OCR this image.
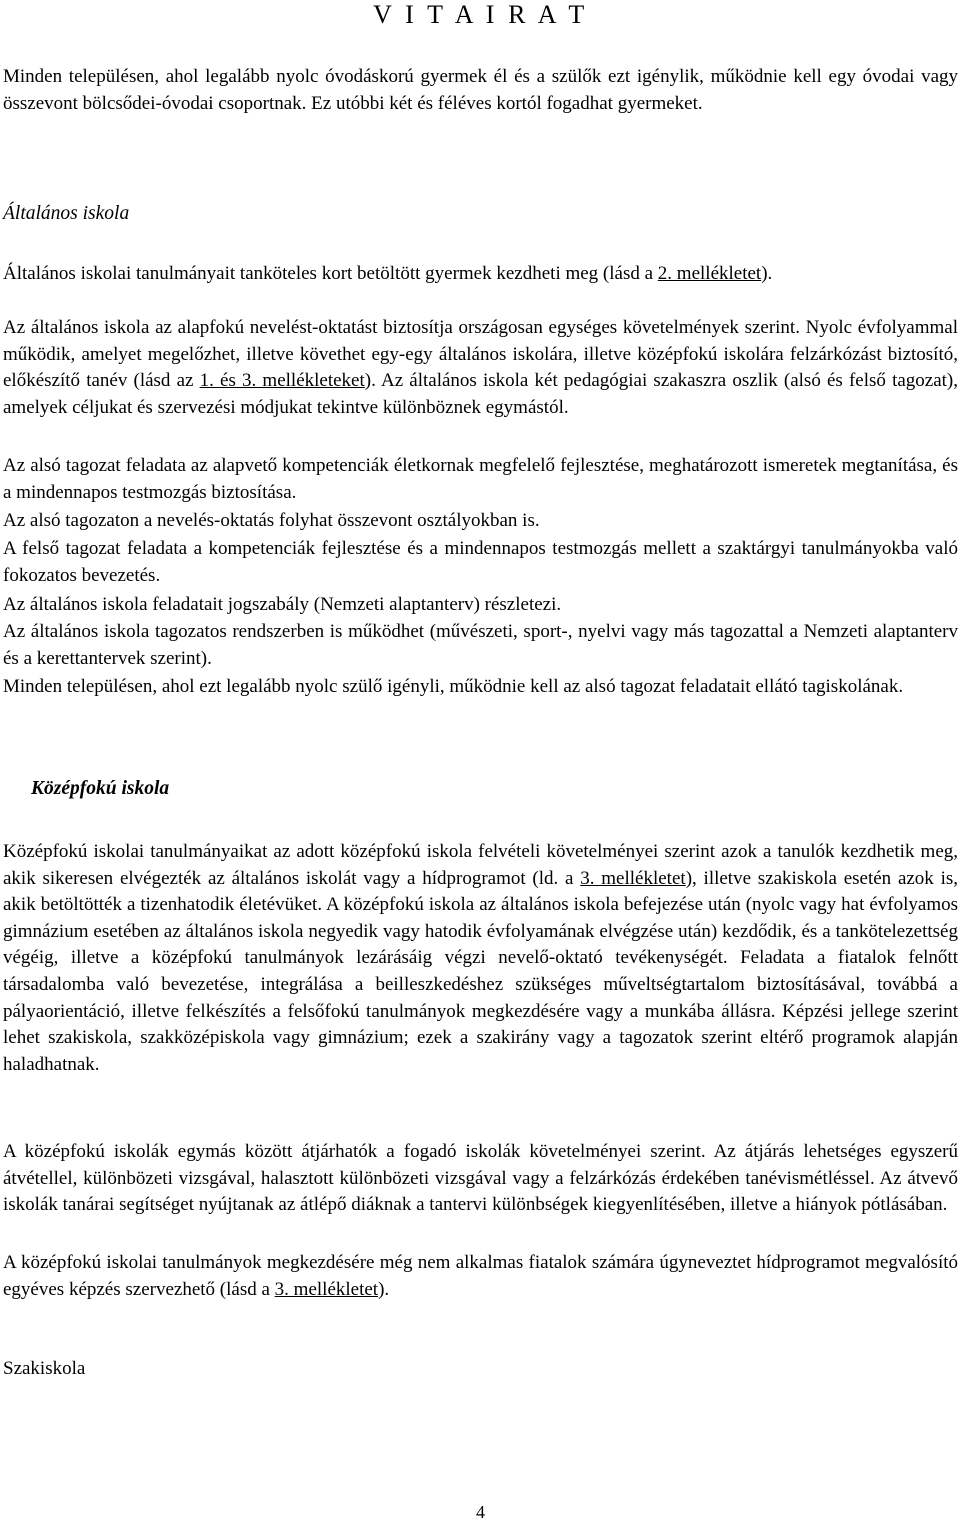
V I T A I R A T
Minden településen, ahol legalább nyolc óvodáskorú gyermek él és a szülők ezt igénylik, működnie kell egy óvodai vagy összevont bölcsődei-óvodai csoportnak. Ez utóbbi két és féléves kortól fogadhat gyermeket.
Általános iskola
Általános iskolai tanulmányait tanköteles kort betöltött gyermek kezdheti meg (lásd a 2. mellékletet).
Az általános iskola az alapfokú nevelést-oktatást biztosítja országosan egységes követelmények szerint. Nyolc évfolyammal működik, amelyet megelőzhet, illetve követhet egy-egy általános iskolára, illetve középfokú iskolára felzárkózást biztosító, előkészítő tanév (lásd az 1. és 3. mellékleteket). Az általános iskola két pedagógiai szakaszra oszlik (alsó és felső tagozat), amelyek céljukat és szervezési módjukat tekintve különböznek egymástól.
Az alsó tagozat feladata az alapvető kompetenciák életkornak megfelelő fejlesztése, meghatározott ismeretek megtanítása, és a mindennapos testmozgás biztosítása.
Az alsó tagozaton a nevelés-oktatás folyhat összevont osztályokban is.
A felső tagozat feladata a kompetenciák fejlesztése és a mindennapos testmozgás mellett a szaktárgyi tanulmányokba való fokozatos bevezetés.
Az általános iskola feladatait jogszabály (Nemzeti alaptanterv) részletezi.
Az általános iskola tagozatos rendszerben is működhet (művészeti, sport-, nyelvi vagy más tagozattal a Nemzeti alaptanterv és a kerettantervek szerint).
Minden településen, ahol ezt legalább nyolc szülő igényli, működnie kell az alsó tagozat feladatait ellátó tagiskolának.
Középfokú iskola
Középfokú iskolai tanulmányaikat az adott középfokú iskola felvételi követelményei szerint azok a tanulók kezdhetik meg, akik sikeresen elvégezték az általános iskolát vagy a hídprogramot (ld. a 3. mellékletet), illetve szakiskola esetén azok is, akik betöltötték a tizenhatodik életévüket. A középfokú iskola az általános iskola befejezése után (nyolc vagy hat évfolyamos gimnázium esetében az általános iskola negyedik vagy hatodik évfolyamának elvégzése után) kezdődik, és a tankötelezettség végéig, illetve a középfokú tanulmányok lezárásáig végzi nevelő-oktató tevékenységét. Feladata a fiatalok felnőtt társadalomba való bevezetése, integrálása a beilleszkedéshez szükséges műveltségtartalom biztosításával, továbbá a pályaorientáció, illetve felkészítés a felsőfokú tanulmányok megkezdésére vagy a munkába állásra. Képzési jellege szerint lehet szakiskola, szakközépiskola vagy gimnázium; ezek a szakirány vagy a tagozatok szerint eltérő programok alapján haladhatnak.
A középfokú iskolák egymás között átjárhatók a fogadó iskolák követelményei szerint. Az átjárás lehetséges egyszerű átvétellel, különbözeti vizsgával, halasztott különbözeti vizsgával vagy a felzárkózás érdekében tanévismétléssel. Az átvevő iskolák tanárai segítséget nyújtanak az átlépő diáknak a tantervi különbségek kiegyenlítésében, illetve a hiányok pótlásában.
A középfokú iskolai tanulmányok megkezdésére még nem alkalmas fiatalok számára úgyneveztet hídprogramot megvalósító egyéves képzés szervezhető (lásd a 3. mellékletet).
Szakiskola
4
